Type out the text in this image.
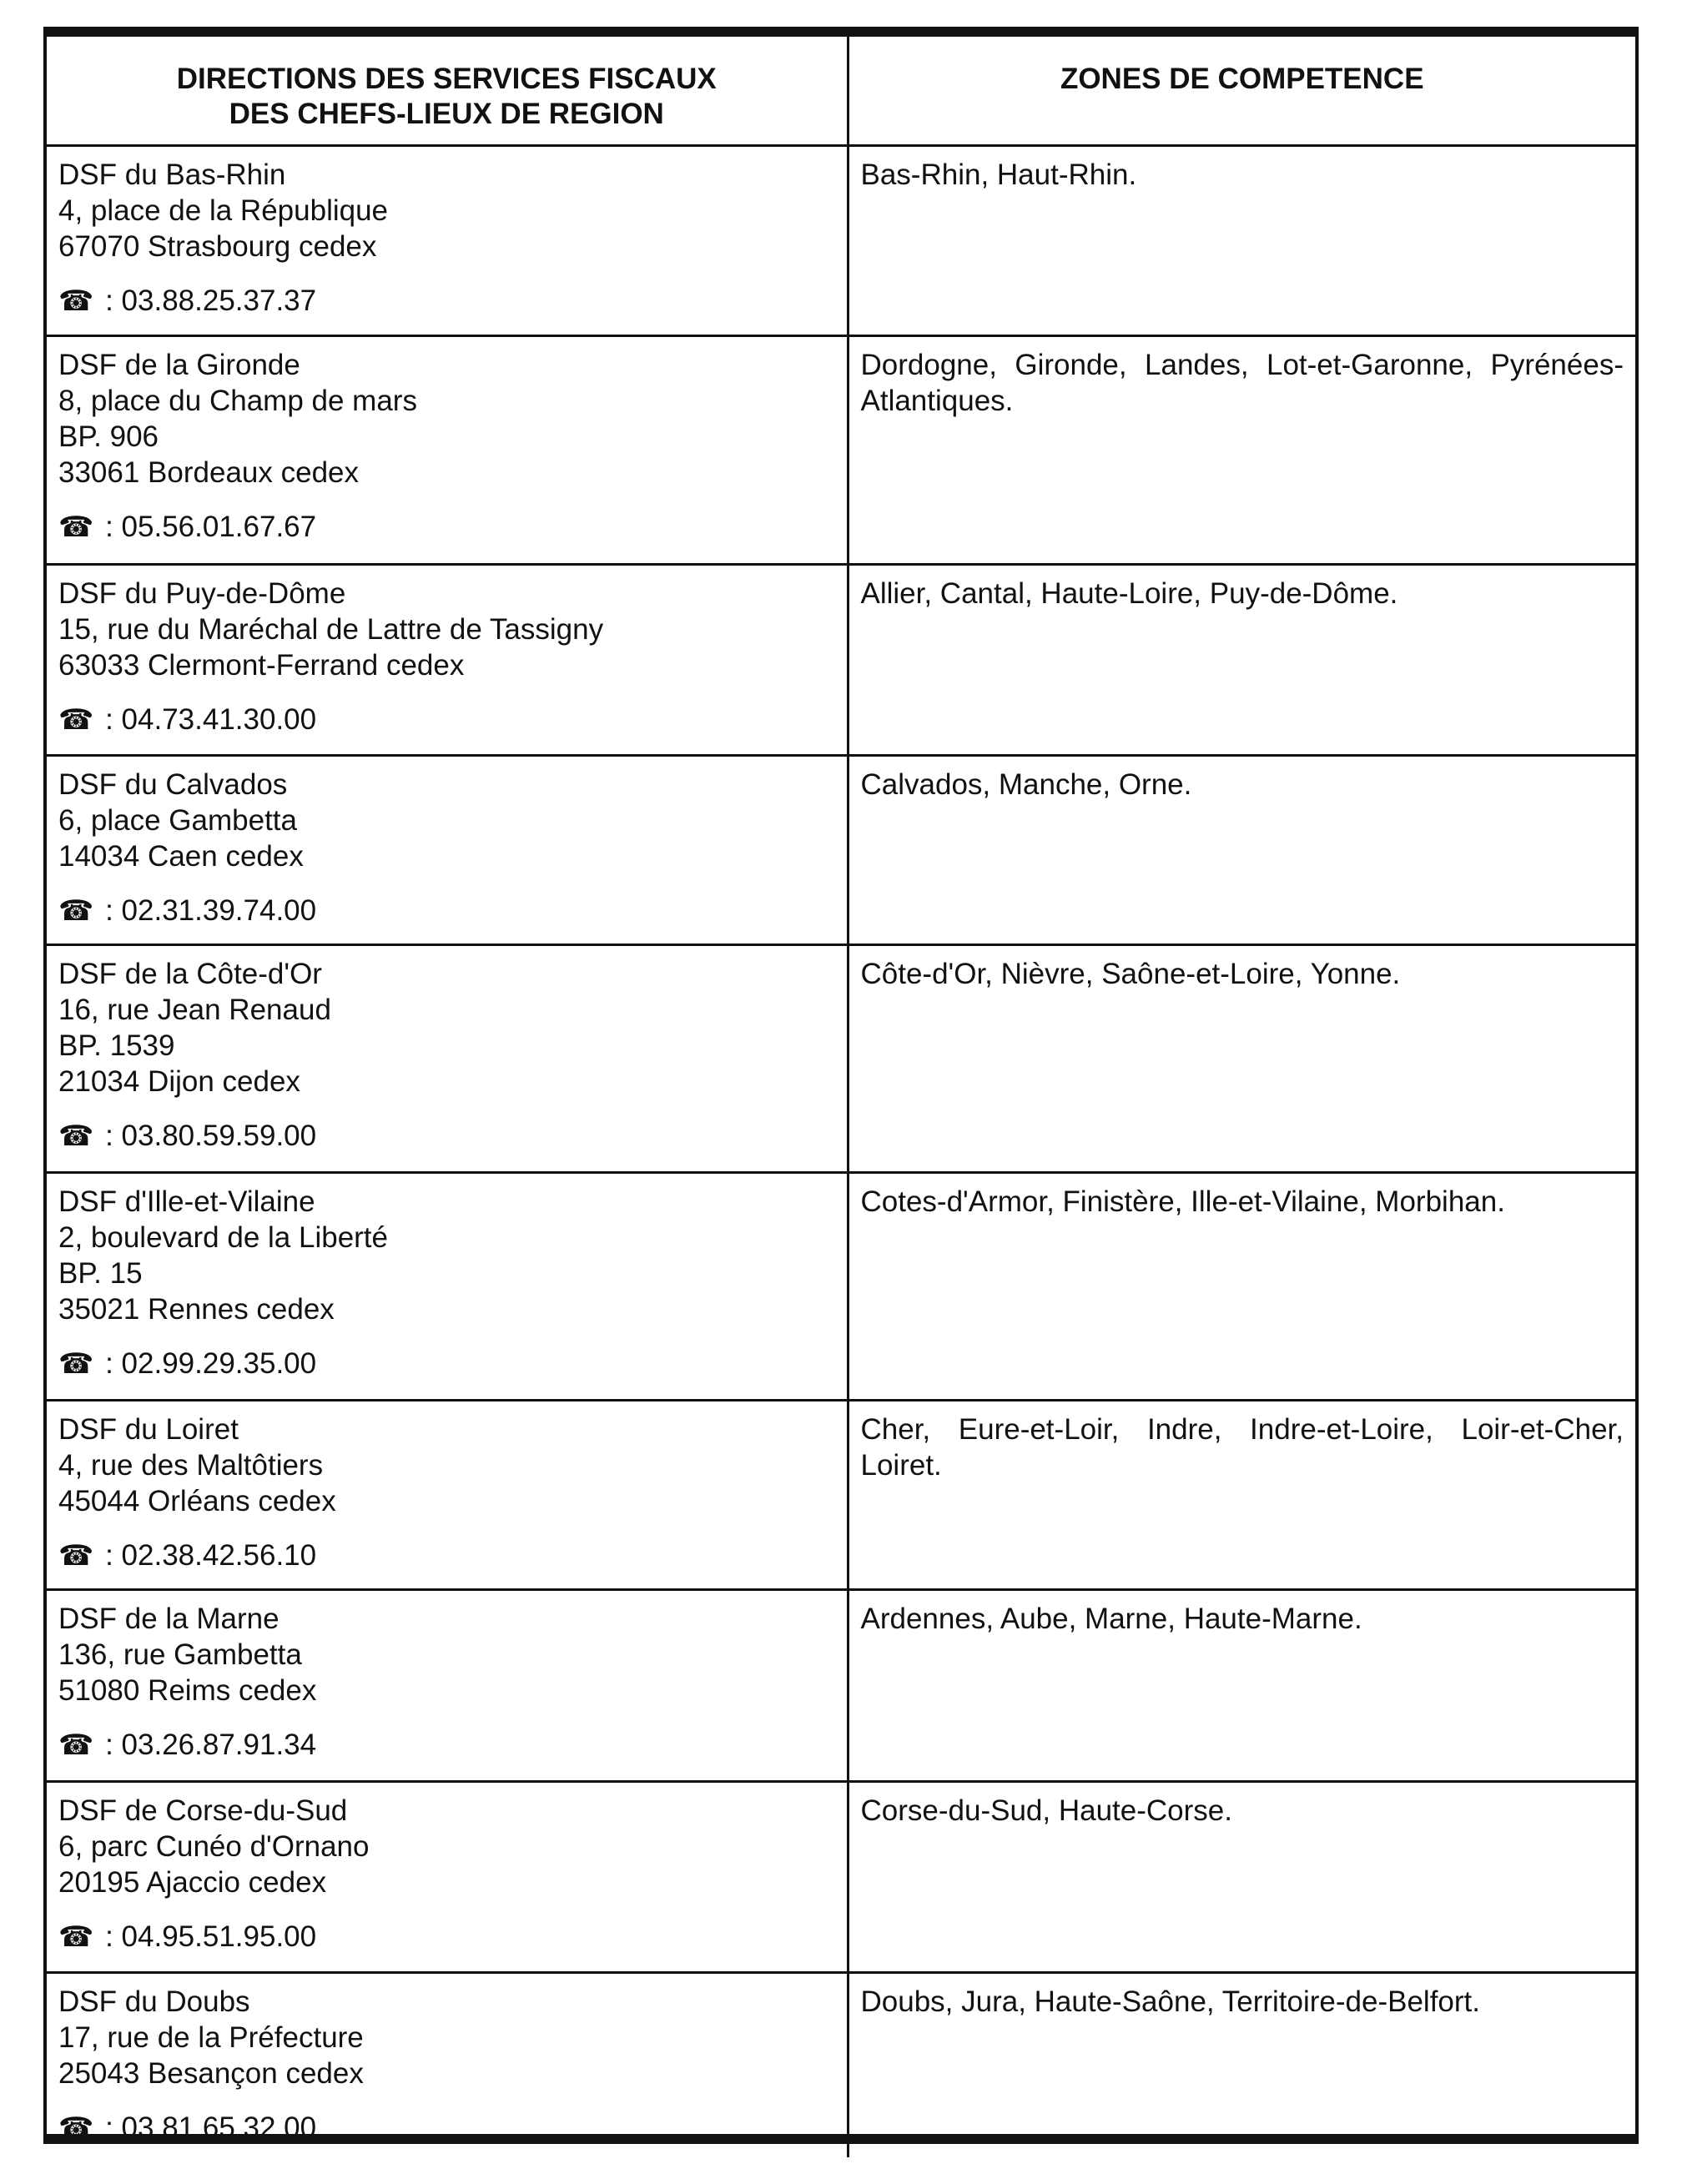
DIRECTIONS DES SERVICES FISCAUX
DES CHEFS-LIEUX DE REGION	ZONES DE COMPETENCE

DSF du Bas-Rhin
4, place de la République
67070 Strasbourg cedex
☎ : 03.88.25.37.37	Bas-Rhin, Haut-Rhin.

DSF de la Gironde
8, place du Champ de mars
BP. 906
33061 Bordeaux cedex
☎ : 05.56.01.67.67	Dordogne, Gironde, Landes, Lot-et-Garonne, Pyrénées-Atlantiques.

DSF du Puy-de-Dôme
15, rue du Maréchal de Lattre de Tassigny
63033 Clermont-Ferrand cedex
☎ : 04.73.41.30.00	Allier, Cantal, Haute-Loire, Puy-de-Dôme.

DSF du Calvados
6, place Gambetta
14034 Caen cedex
☎ : 02.31.39.74.00	Calvados, Manche, Orne.

DSF de la Côte-d'Or
16, rue Jean Renaud
BP. 1539
21034 Dijon cedex
☎ : 03.80.59.59.00	Côte-d'Or, Nièvre, Saône-et-Loire, Yonne.

DSF d'Ille-et-Vilaine
2, boulevard de la Liberté
BP. 15
35021 Rennes cedex
☎ : 02.99.29.35.00	Cotes-d'Armor, Finistère, Ille-et-Vilaine, Morbihan.

DSF du Loiret
4, rue des Maltôtiers
45044 Orléans cedex
☎ : 02.38.42.56.10	Cher, Eure-et-Loir, Indre, Indre-et-Loire, Loir-et-Cher, Loiret.

DSF de la Marne
136, rue Gambetta
51080 Reims cedex
☎ : 03.26.87.91.34	Ardennes, Aube, Marne, Haute-Marne.

DSF de Corse-du-Sud
6, parc Cunéo d'Ornano
20195 Ajaccio cedex
☎ : 04.95.51.95.00	Corse-du-Sud, Haute-Corse.

DSF du Doubs
17, rue de la Préfecture
25043 Besançon cedex
☎ : 03.81.65.32.00	Doubs, Jura, Haute-Saône, Territoire-de-Belfort.
